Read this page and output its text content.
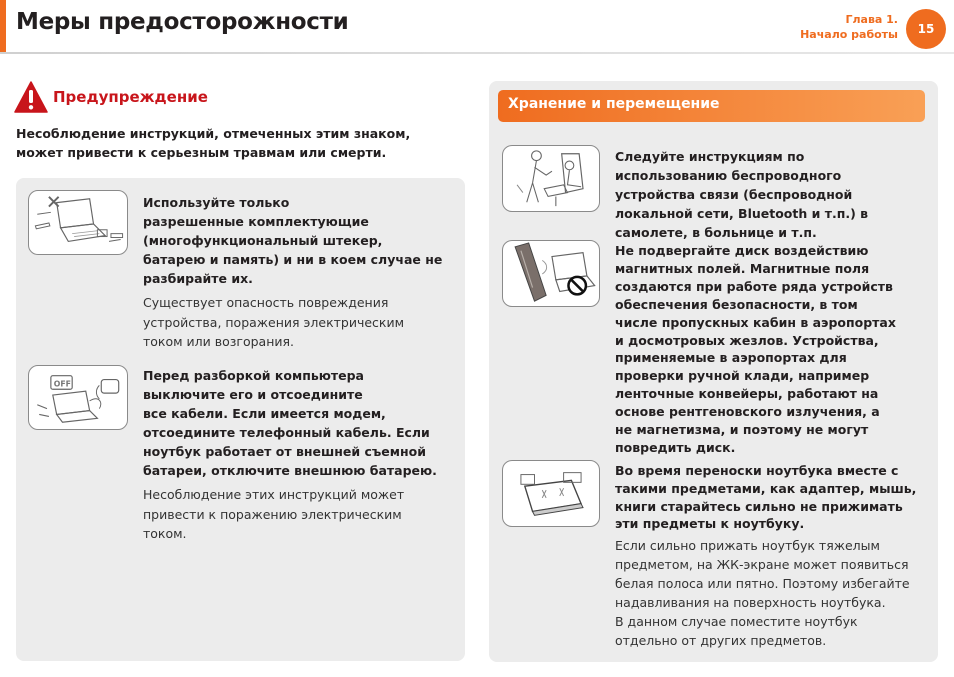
Меры предосторожности	Глава 1.
Начало работы	15
Предупреждение
Несоблюдение инструкций, отмеченных этим знаком,
может привести к серьезным травмам или смерти.
Используйте только
разрешенные комплектующие
(многофункциональный штекер,
батарею и память) и ни в коем случае не
разбирайте их.
Существует опасность повреждения
устройства, поражения электрическим
током или возгорания.
OFF
Перед разборкой компьютера
выключите его и отсоедините
все кабели. Если имеется модем,
отсоедините телефонный кабель. Если
ноутбук работает от внешней съемной
батареи, отключите внешнюю батарею.
Несоблюдение этих инструкций может
привести к поражению электрическим
током.
Хранение и перемещение
Следуйте инструкциям по
использованию беспроводного
устройства связи (беспроводной
локальной сети, Bluetooth и т.п.) в
самолете, в больнице и т.п.
Не подвергайте диск воздействию
магнитных полей. Магнитные поля
создаются при работе ряда устройств
обеспечения безопасности, в том
числе пропускных кабин в аэропортах
и досмотровых жезлов. Устройства,
применяемые в аэропортах для
проверки ручной клади, например
ленточные конвейеры, работают на
основе рентгеновского излучения, а
не магнетизма, и поэтому не могут
повредить диск.
Во время переноски ноутбука вместе с
такими предметами, как адаптер, мышь,
книги старайтесь сильно не прижимать
эти предметы к ноутбуку.
Если сильно прижать ноутбук тяжелым
предметом, на ЖК-экране может появиться
белая полоса или пятно. Поэтому избегайте
надавливания на поверхность ноутбука.
В данном случае поместите ноутбук
отдельно от других предметов.
